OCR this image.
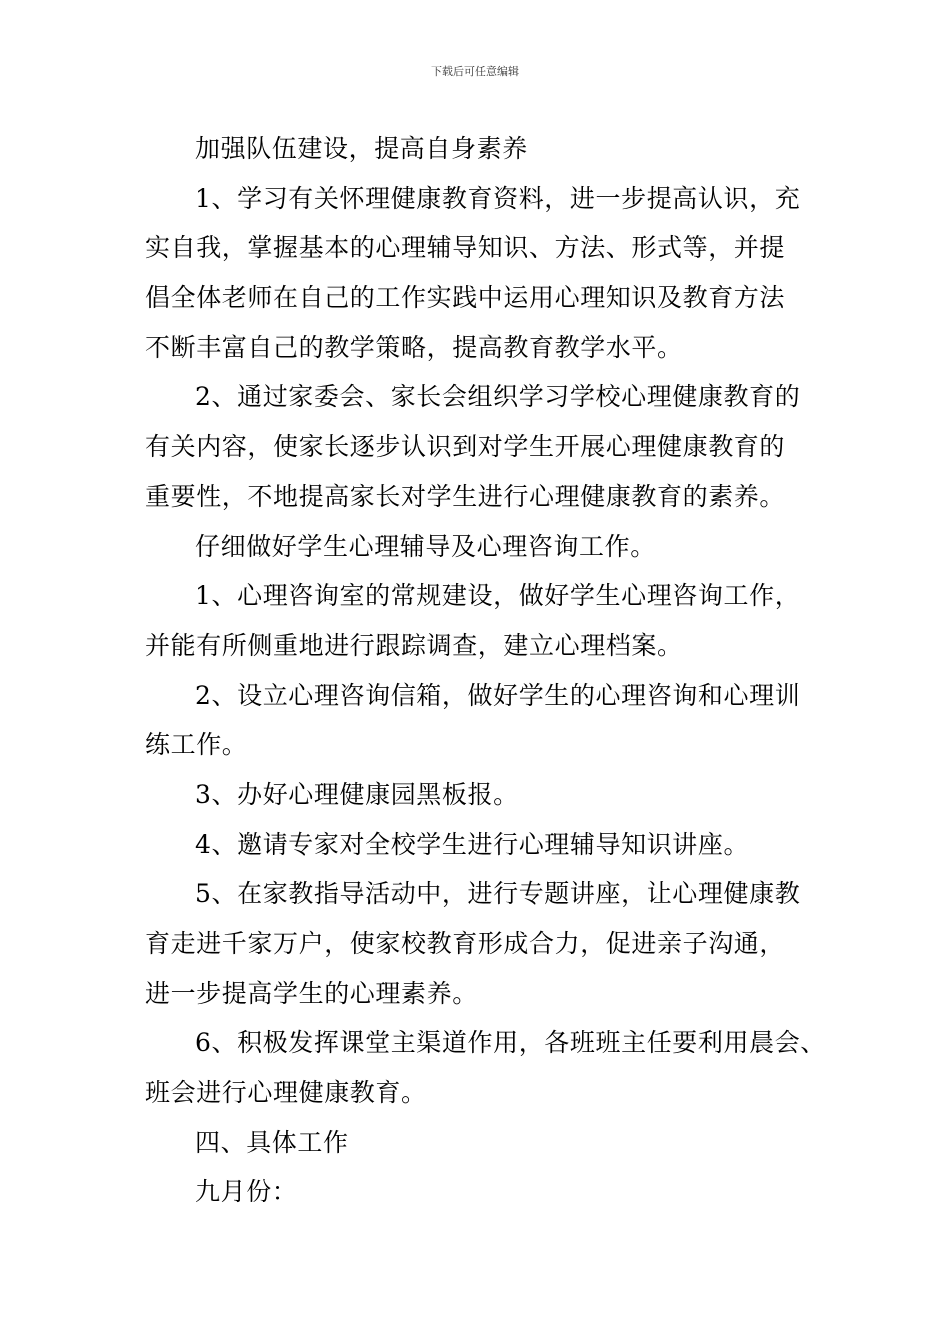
下载后可任意编辑
加强队伍建设，提高自身素养
1、学习有关怀理健康教育资料，进一步提高认识，充
实自我，掌握基本的心理辅导知识、方法、形式等，并提
倡全体老师在自己的工作实践中运用心理知识及教育方法
不断丰富自己的教学策略，提高教育教学水平。
2、通过家委会、家长会组织学习学校心理健康教育的
有关内容，使家长逐步认识到对学生开展心理健康教育的
重要性，不地提高家长对学生进行心理健康教育的素养。
仔细做好学生心理辅导及心理咨询工作。
1、心理咨询室的常规建设，做好学生心理咨询工作，
并能有所侧重地进行跟踪调查，建立心理档案。
2、设立心理咨询信箱，做好学生的心理咨询和心理训
练工作。
3、办好心理健康园黑板报。
4、邀请专家对全校学生进行心理辅导知识讲座。
5、在家教指导活动中，进行专题讲座，让心理健康教
育走进千家万户，使家校教育形成合力，促进亲子沟通，
进一步提高学生的心理素养。
6、积极发挥课堂主渠道作用，各班班主任要利用晨会、
班会进行心理健康教育。
四、具体工作
九月份：
